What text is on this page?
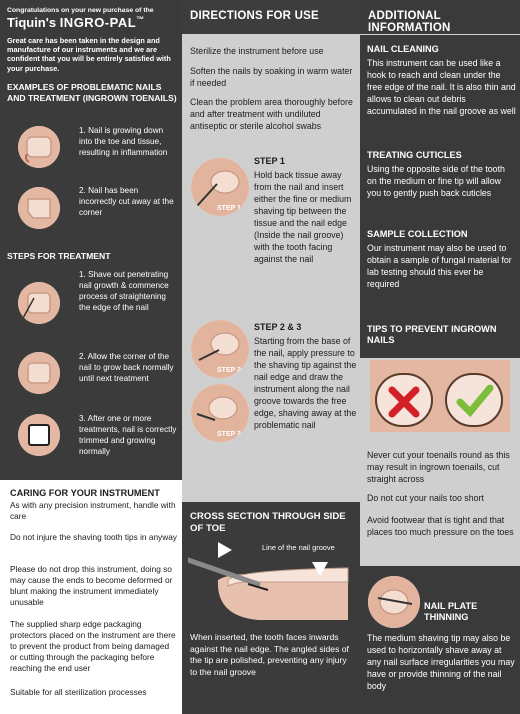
Congratulations on your new purchase of the
Tiquin's INGRO-PAL™
Great care has been taken in the design and manufacture of our instruments and we are confident that you will be entirely satisfied with your purchase.
EXAMPLES OF PROBLEMATIC NAILS AND TREATMENT (INGROWN TOENAILS)
1. Nail is growing down into the toe and tissue, resulting in inflammation
2. Nail has been incorrectly cut away at the corner
STEPS FOR TREATMENT
1. Shave out penetrating nail growth & commence process of straightening the edge of the nail
2. Allow the corner of the nail to grow back normally until next treatment
3. After one or more treatments, nail is correctly trimmed and growing normally
CARING FOR YOUR INSTRUMENT
As with any precision instrument, handle with care
Do not injure the shaving tooth tips in anyway
Please do not drop this instrument, doing so may cause the ends to become deformed or blunt making the instrument immediately unusable
The supplied sharp edge packaging protectors placed on the instrument are there to prevent the product from being damaged or cutting through the packaging before reaching the end user
Suitable for all sterilization processes
DIRECTIONS FOR USE
Sterilize the instrument before use
Soften the nails by soaking in warm water if needed
Clean the problem area thoroughly before and after treatment with undiluted antiseptic or sterile alcohol swabs
STEP 1
STEP 1
Hold back tissue away from the nail and insert either the fine or medium shaving tip between the tissue and the nail edge (Inside the nail groove) with the tooth facing against the nail
STEP 2
STEP 3
STEP 2 & 3
Starting from the base of the nail, apply pressure to the shaving tip against the nail edge and draw the instrument along the nail groove towards the free edge, shaving away at the problematic nail
CROSS SECTION THROUGH SIDE OF TOE
Line of the nail groove
When inserted, the tooth faces inwards against the nail edge. The angled sides of the tip are polished, preventing any injury to the nail groove
ADDITIONAL INFORMATION
NAIL CLEANING
This instrument can be used like a hook to reach and clean under the free edge of the nail. It is also thin and allows to clean out debris accumulated in the nail groove as well
TREATING CUTICLES
Using the opposite side of the tooth on the medium or fine tip will allow you to gently push back cuticles
SAMPLE COLLECTION
Our instrument may also be used to obtain a sample of fungal material for lab testing should this ever be required
TIPS TO PREVENT INGROWN NAILS
Never cut your toenails round as this may result in ingrown toenails, cut straight across
Do not cut your nails too short
Avoid footwear that is tight and that places too much pressure on the toes
NAIL PLATE THINNING
The medium shaving tip may also be used to horizontally shave away at any nail surface irregularities you may have or provide thinning of the nail body
